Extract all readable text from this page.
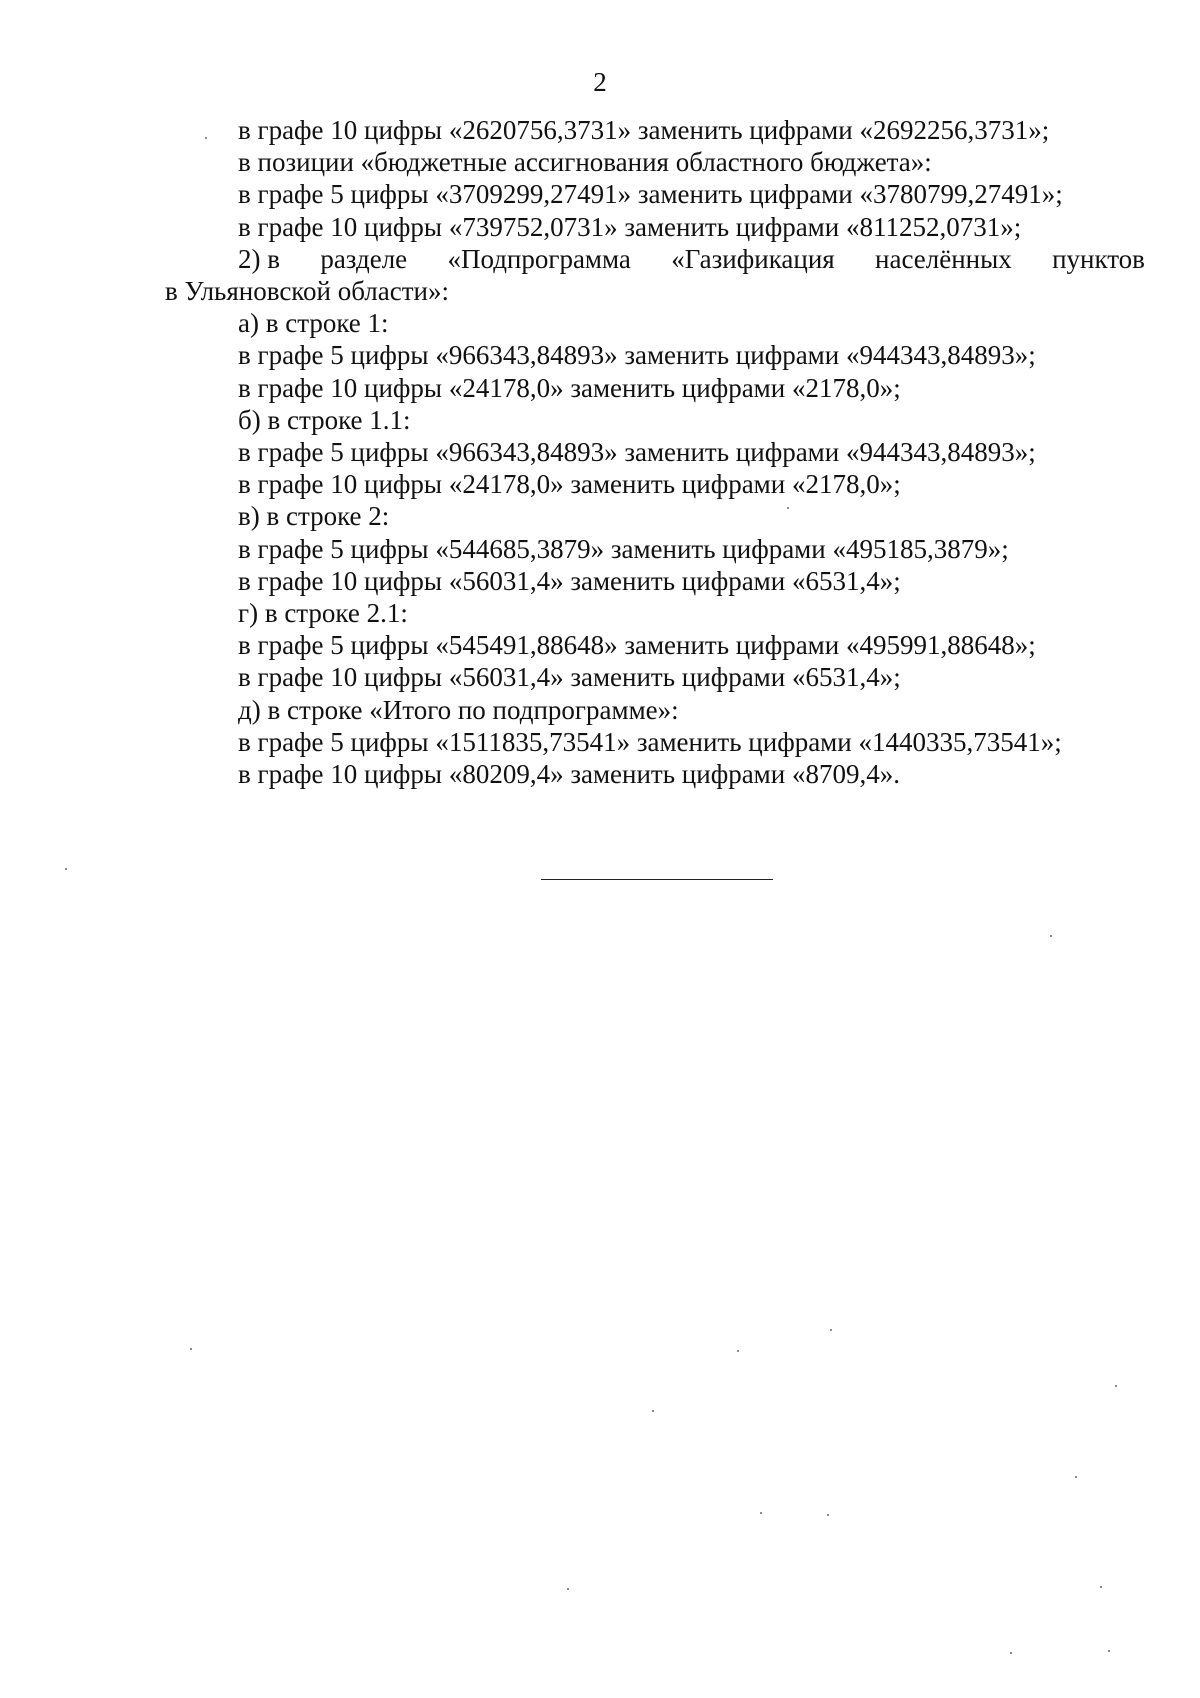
2
в графе 10 цифры «2620756,3731» заменить цифрами «2692256,3731»;
в позиции «бюджетные ассигнования областного бюджета»:
в графе 5 цифры «3709299,27491» заменить цифрами «3780799,27491»;
в графе 10 цифры «739752,0731» заменить цифрами «811252,0731»;
2) в разделе «Подпрограмма «Газификация населённых пунктов
в Ульяновской области»:
а) в строке 1:
в графе 5 цифры «966343,84893» заменить цифрами «944343,84893»;
в графе 10 цифры «24178,0» заменить цифрами «2178,0»;
б) в строке 1.1:
в графе 5 цифры «966343,84893» заменить цифрами «944343,84893»;
в графе 10 цифры «24178,0» заменить цифрами «2178,0»;
в) в строке 2:
в графе 5 цифры «544685,3879» заменить цифрами «495185,3879»;
в графе 10 цифры «56031,4» заменить цифрами «6531,4»;
г) в строке 2.1:
в графе 5 цифры «545491,88648» заменить цифрами «495991,88648»;
в графе 10 цифры «56031,4» заменить цифрами «6531,4»;
д) в строке «Итого по подпрограмме»:
в графе 5 цифры «1511835,73541» заменить цифрами «1440335,73541»;
в графе 10 цифры «80209,4» заменить цифрами «8709,4».
